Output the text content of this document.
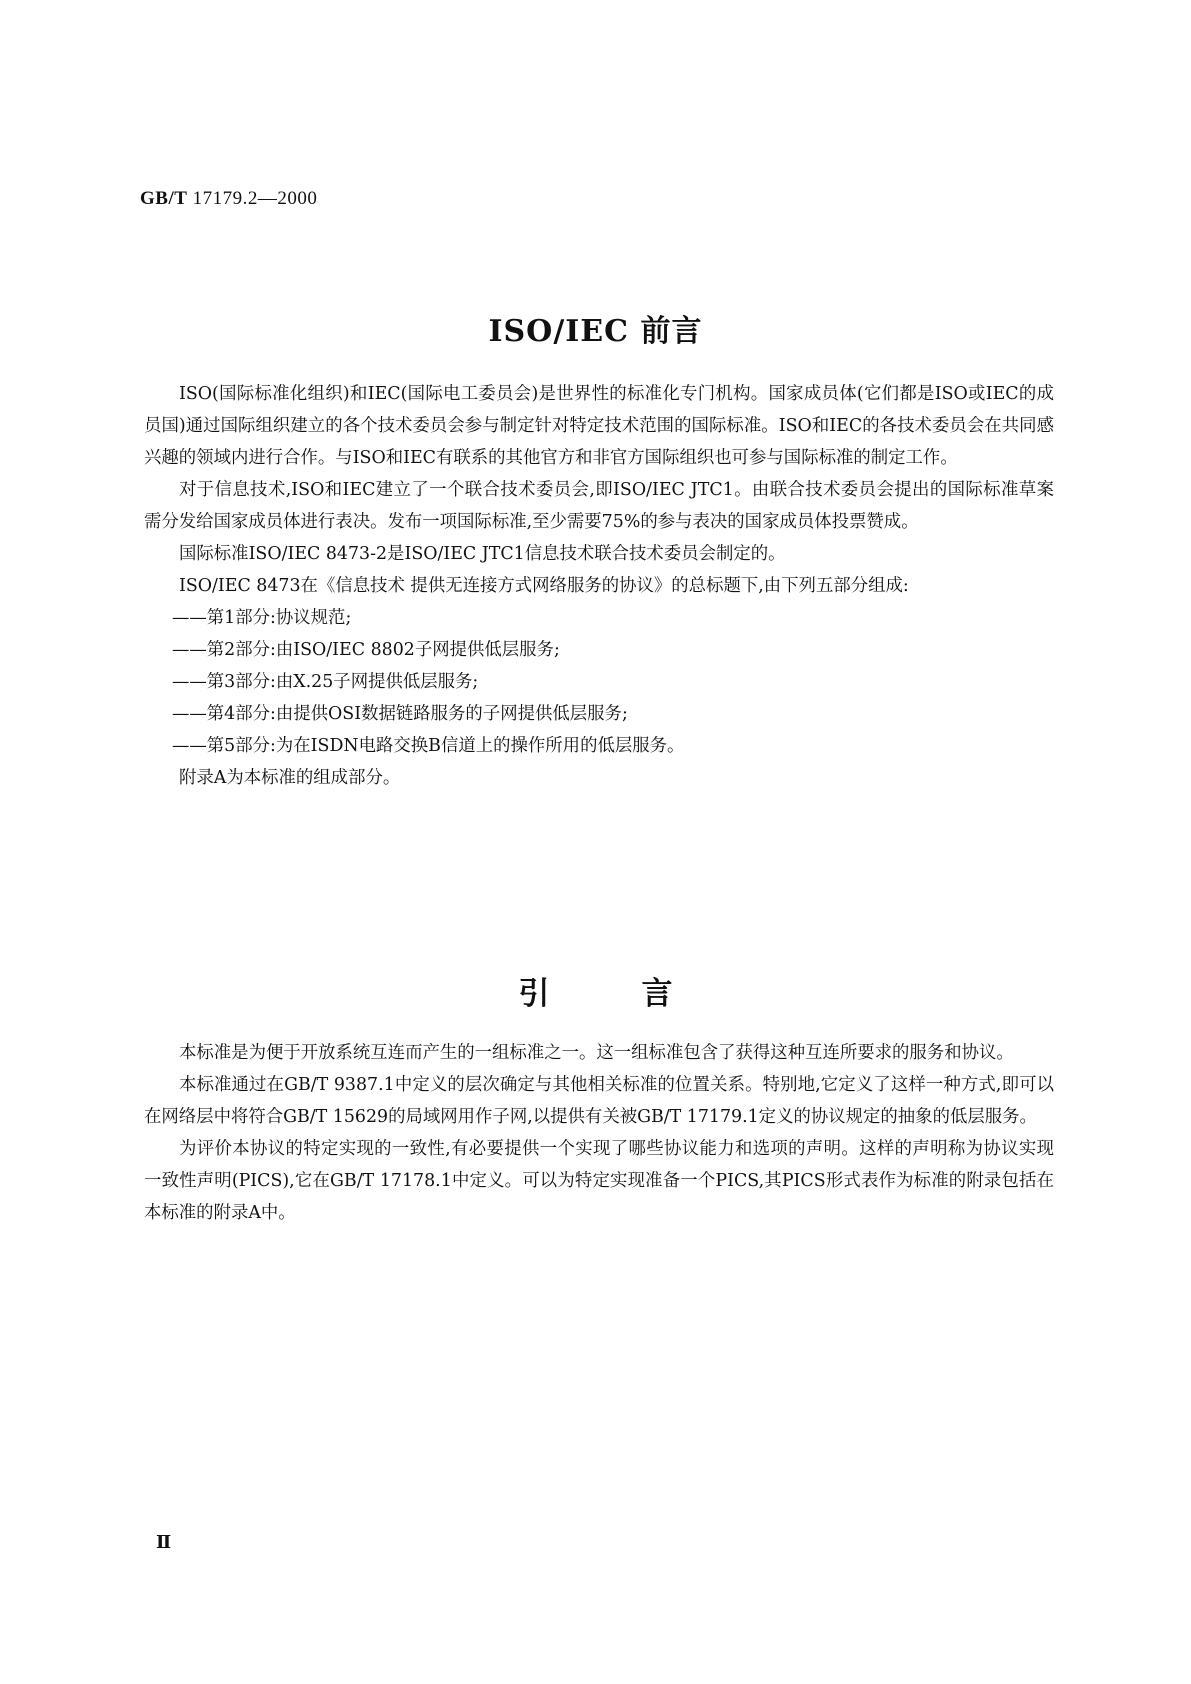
GB/T 17179.2—2000
ISO/IEC 前言

ISO(国际标准化组织)和IEC(国际电工委员会)是世界性的标准化专门机构。国家成员体(它们都是ISO或IEC的成员国)通过国际组织建立的各个技术委员会参与制定针对特定技术范围的国际标准。ISO和IEC的各技术委员会在共同感兴趣的领域内进行合作。与ISO和IEC有联系的其他官方和非官方国际组织也可参与国际标准的制定工作。

对于信息技术,ISO和IEC建立了一个联合技术委员会,即ISO/IEC JTC1。由联合技术委员会提出的国际标准草案需分发给国家成员体进行表决。发布一项国际标准,至少需要75%的参与表决的国家成员体投票赞成。

国际标准ISO/IEC 8473-2是ISO/IEC JTC1信息技术联合技术委员会制定的。

ISO/IEC 8473在《信息技术 提供无连接方式网络服务的协议》的总标题下,由下列五部分组成:

——第1部分:协议规范;

——第2部分:由ISO/IEC 8802子网提供低层服务;

——第3部分:由X.25子网提供低层服务;

——第4部分:由提供OSI数据链路服务的子网提供低层服务;

——第5部分:为在ISDN电路交换B信道上的操作所用的低层服务。

附录A为本标准的组成部分。

引	言

本标准是为便于开放系统互连而产生的一组标准之一。这一组标准包含了获得这种互连所要求的服务和协议。

本标准通过在GB/T 9387.1中定义的层次确定与其他相关标准的位置关系。特别地,它定义了这样一种方式,即可以在网络层中将符合GB/T 15629的局域网用作子网,以提供有关被GB/T 17179.1定义的协议规定的抽象的低层服务。

为评价本协议的特定实现的一致性,有必要提供一个实现了哪些协议能力和选项的声明。这样的声明称为协议实现一致性声明(PICS),它在GB/T 17178.1中定义。可以为特定实现准备一个PICS,其PICS形式表作为标准的附录包括在本标准的附录A中。

Ⅱ
